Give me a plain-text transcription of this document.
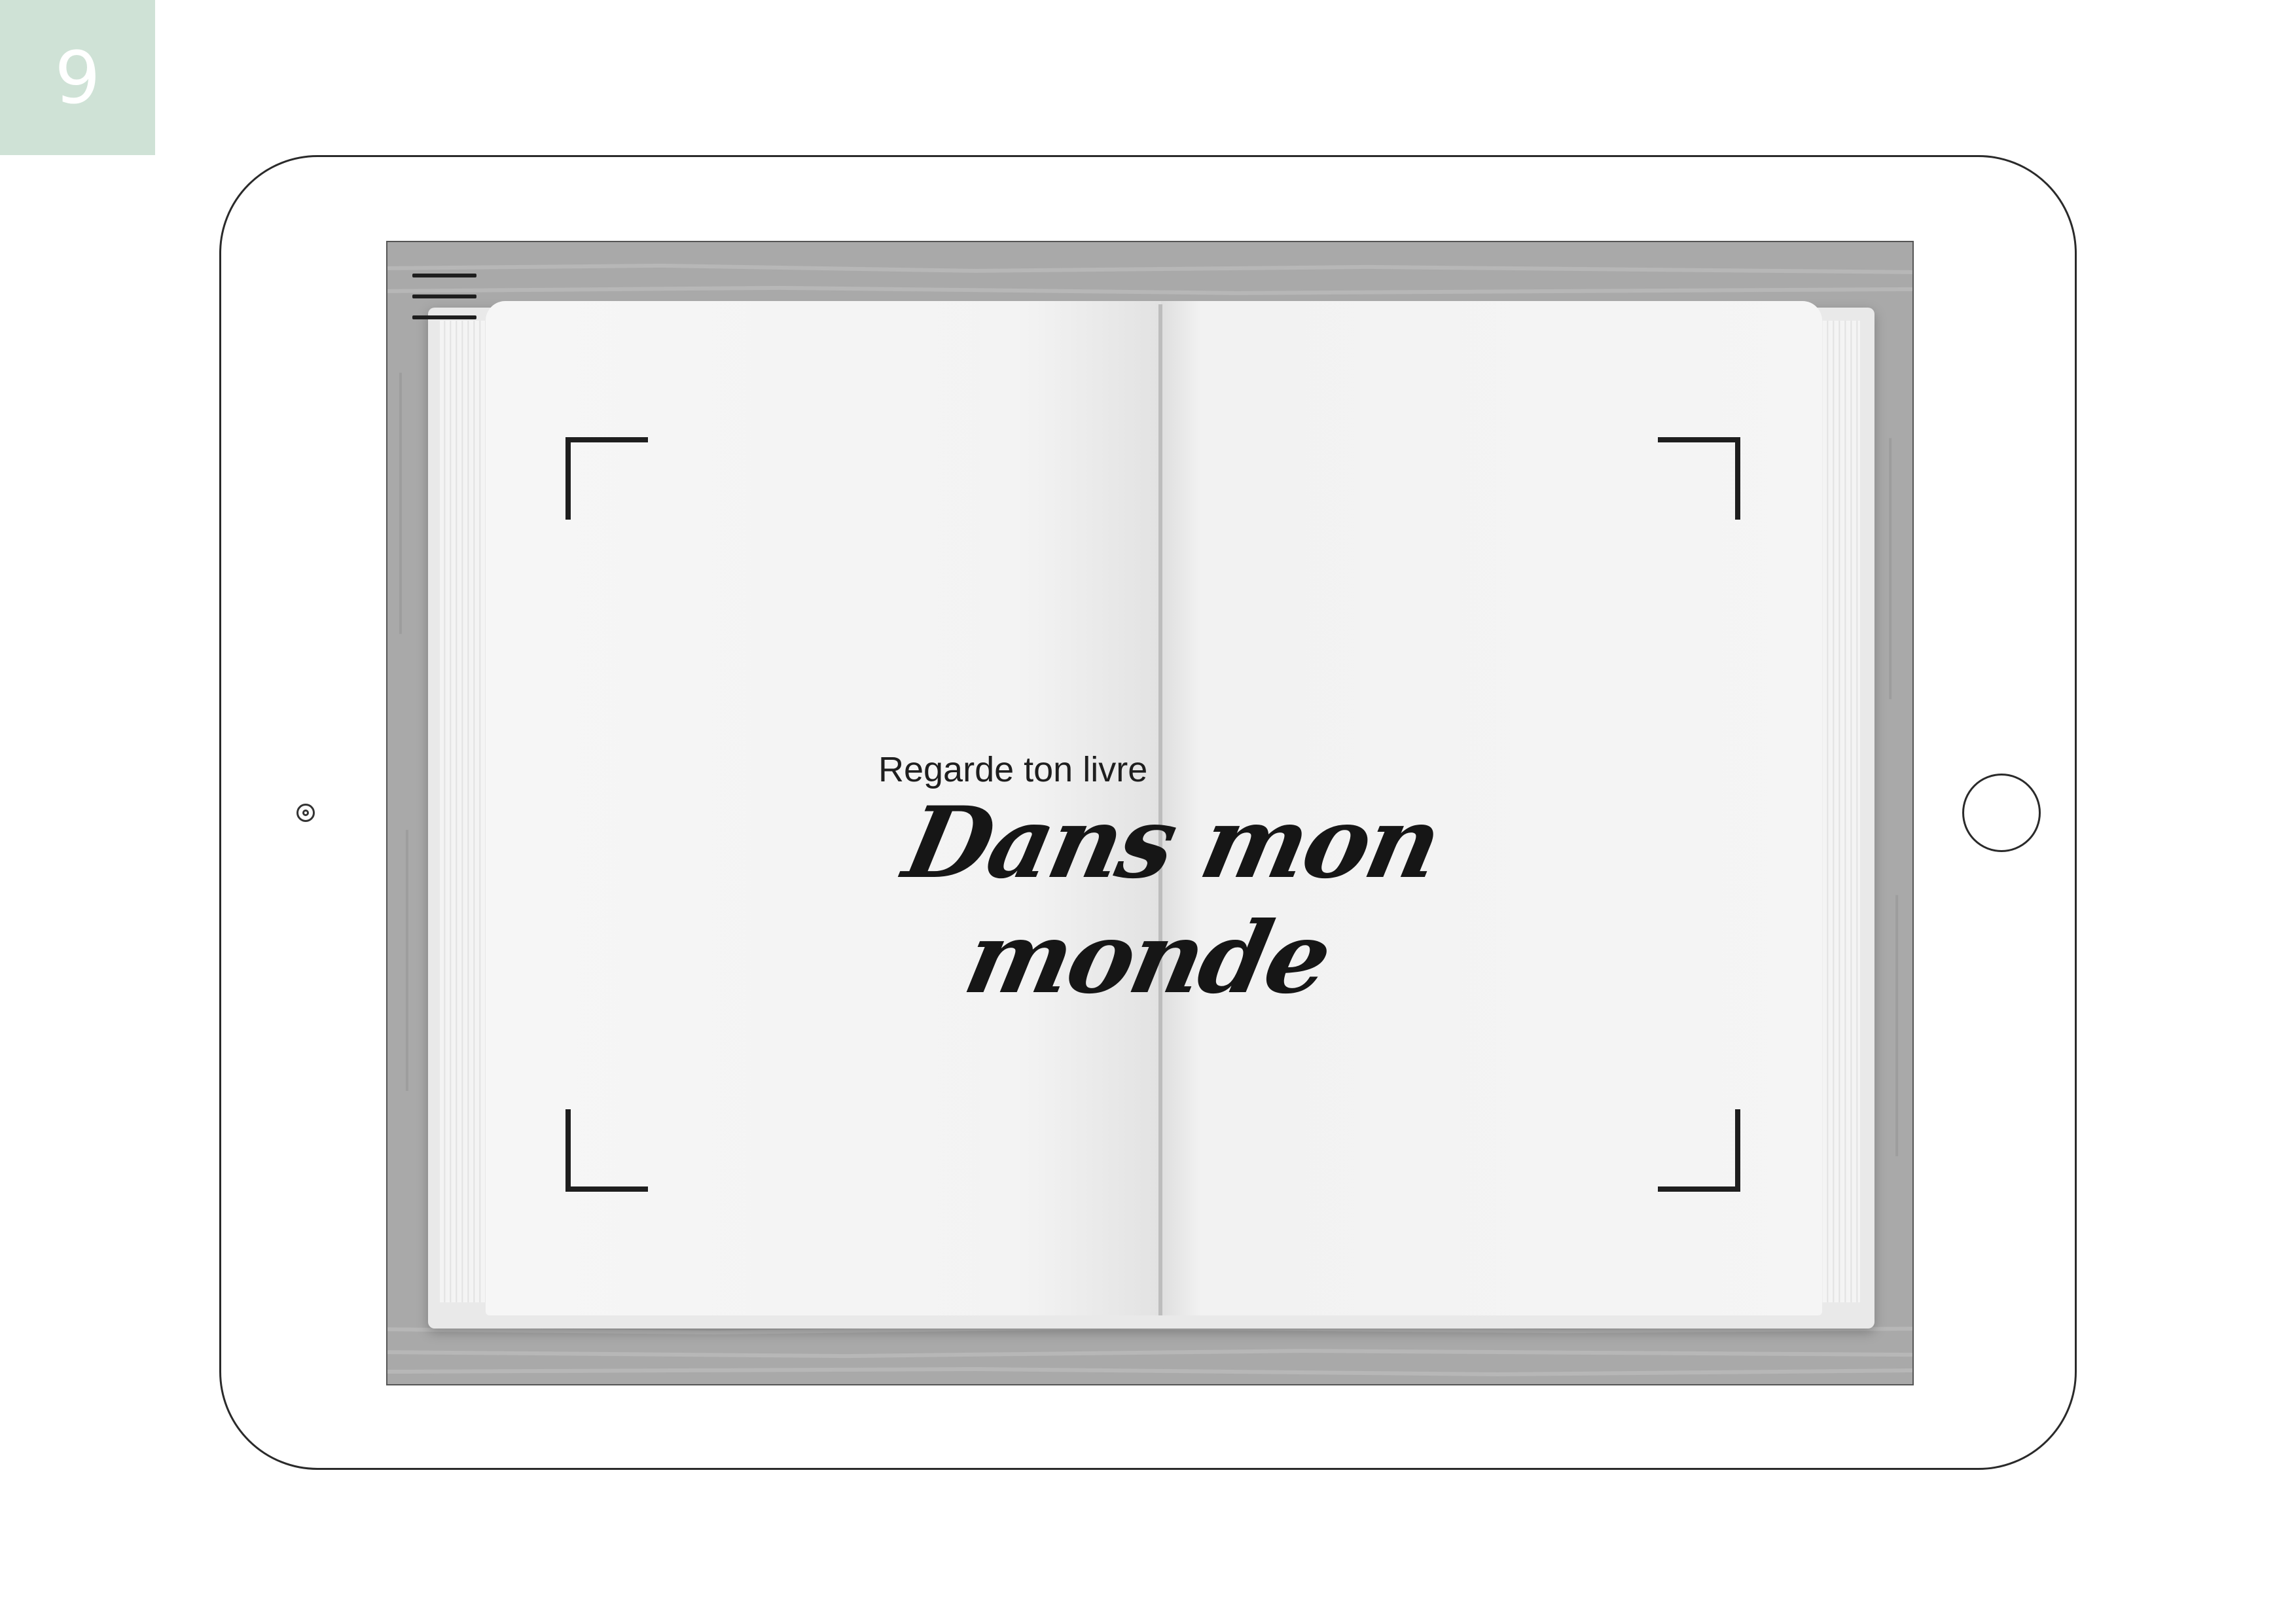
9
Regarde ton livre
Dans mon monde
